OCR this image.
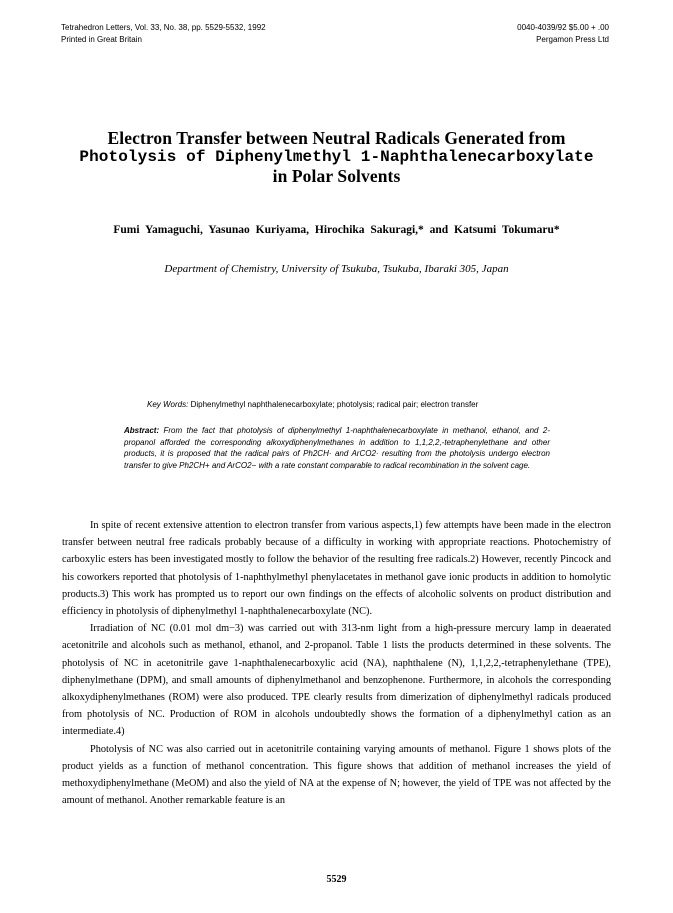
Tetrahedron Letters, Vol. 33, No. 38, pp. 5529-5532, 1992
Printed in Great Britain
0040-4039/92 $5.00 + .00
Pergamon Press Ltd
Electron Transfer between Neutral Radicals Generated from
Photolysis of Diphenylmethyl 1-Naphthalenecarboxylate
in Polar Solvents
Fumi Yamaguchi, Yasunao Kuriyama, Hirochika Sakuragi,* and Katsumi Tokumaru*
Department of Chemistry, University of Tsukuba, Tsukuba, Ibaraki 305, Japan
Key Words: Diphenylmethyl naphthalenecarboxylate; photolysis; radical pair; electron transfer
Abstract: From the fact that photolysis of diphenylmethyl 1-naphthalenecarboxylate in methanol, ethanol, and 2-propanol afforded the corresponding alkoxydiphenylmethanes in addition to 1,1,2,2,-tetraphenylethane and other products, it is proposed that the radical pairs of Ph2CH· and ArCO2· resulting from the photolysis undergo electron transfer to give Ph2CH+ and ArCO2− with a rate constant comparable to radical recombination in the solvent cage.

In spite of recent extensive attention to electron transfer from various aspects,1) few attempts have been made in the electron transfer between neutral free radicals probably because of a difficulty in working with appropriate reactions. Photochemistry of carboxylic esters has been investigated mostly to follow the behavior of the resulting free radicals.2) However, recently Pincock and his coworkers reported that photolysis of 1-naphthylmethyl phenylacetates in methanol gave ionic products in addition to homolytic products.3) This work has prompted us to report our own findings on the effects of alcoholic solvents on product distribution and efficiency in photolysis of diphenylmethyl 1-naphthalenecarboxylate (NC).

Irradiation of NC (0.01 mol dm−3) was carried out with 313-nm light from a high-pressure mercury lamp in deaerated acetonitrile and alcohols such as methanol, ethanol, and 2-propanol. Table 1 lists the products determined in these solvents. The photolysis of NC in acetonitrile gave 1-naphthalenecarboxylic acid (NA), naphthalene (N), 1,1,2,2,-tetraphenylethane (TPE), diphenylmethane (DPM), and small amounts of diphenylmethanol and benzophenone. Furthermore, in alcohols the corresponding alkoxydiphenylmethanes (ROM) were also produced. TPE clearly results from dimerization of diphenylmethyl radicals produced from photolysis of NC. Production of ROM in alcohols undoubtedly shows the formation of a diphenylmethyl cation as an intermediate.4)

Photolysis of NC was also carried out in acetonitrile containing varying amounts of methanol. Figure 1 shows plots of the product yields as a function of methanol concentration. This figure shows that addition of methanol increases the yield of methoxydiphenylmethane (MeOM) and also the yield of NA at the expense of N; however, the yield of TPE was not affected by the amount of methanol. Another remarkable feature is an

5529
